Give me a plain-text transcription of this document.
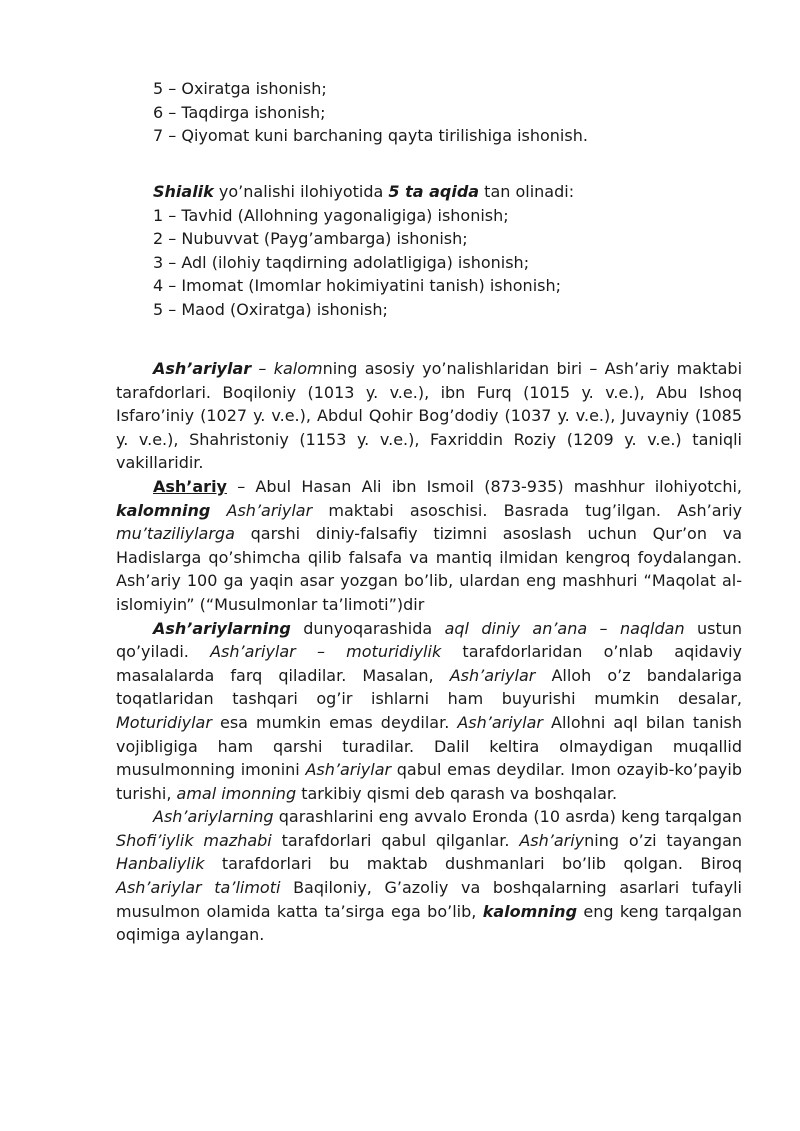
5 – Oxiratga ishonish;
6 – Taqdirga ishonish;
7 – Qiyomat kuni barchaning qayta tirilishiga ishonish.
Shialik yo’nalishi ilohiyotida 5 ta aqida tan olinadi:
1 – Tavhid (Allohning yagonaligiga) ishonish;
2 – Nubuvvat (Payg’ambarga) ishonish;
3 – Adl (ilohiy taqdirning adolatligiga) ishonish;
4 – Imomat (Imomlar hokimiyatini tanish) ishonish;
5 – Maod (Oxiratga) ishonish;

Ash’ariylar – kalomning asosiy yo’nalishlaridan biri – Ash’ariy maktabi tarafdorlari. Boqiloniy (1013 y. v.e.), ibn Furq (1015 y. v.e.), Abu Ishoq Isfaro’iniy (1027 y. v.e.), Abdul Qohir Bog’dodiy (1037 y. v.e.), Juvayniy (1085 y. v.e.), Shahristoniy (1153 y. v.e.), Faxriddin Roziy (1209 y. v.e.) taniqli vakillaridir.

Ash’ariy – Abul Hasan Ali ibn Ismoil (873-935) mashhur ilohiyotchi, kalomning Ash’ariylar maktabi asoschisi. Basrada tug’ilgan. Ash’ariy mu’taziliylarga qarshi diniy-falsafiy tizimni asoslash uchun Qur’on va Hadislarga qo’shimcha qilib falsafa va mantiq ilmidan kengroq foydalangan. Ash’ariy 100 ga yaqin asar yozgan bo’lib, ulardan eng mashhuri “Maqolat al-islomiyin” (“Musulmonlar ta’limoti”)dir

Ash’ariylarning dunyoqarashida aql diniy an’ana – naqldan ustun qo’yiladi. Ash’ariylar – moturidiylik tarafdorlaridan o’nlab aqidaviy masalalarda farq qiladilar. Masalan, Ash’ariylar Alloh o’z bandalariga toqatlaridan tashqari og’ir ishlarni ham buyurishi mumkin desalar, Moturidiylar esa mumkin emas deydilar. Ash’ariylar Allohni aql bilan tanish vojibligiga ham qarshi turadilar. Dalil keltira olmaydigan muqallid musulmonning imonini Ash’ariylar qabul emas deydilar. Imon ozayib-ko’payib turishi, amal imonning tarkibiy qismi deb qarash va boshqalar.

Ash’ariylarning qarashlarini eng avvalo Eronda (10 asrda) keng tarqalgan Shofi’iylik mazhabi tarafdorlari qabul qilganlar. Ash’ariyning o’zi tayangan Hanbaliylik tarafdorlari bu maktab dushmanlari bo’lib qolgan. Biroq Ash’ariylar ta’limoti Baqiloniy, G’azoliy va boshqalarning asarlari tufayli musulmon olamida katta ta’sirga ega bo’lib, kalomning eng keng tarqalgan oqimiga aylangan.
